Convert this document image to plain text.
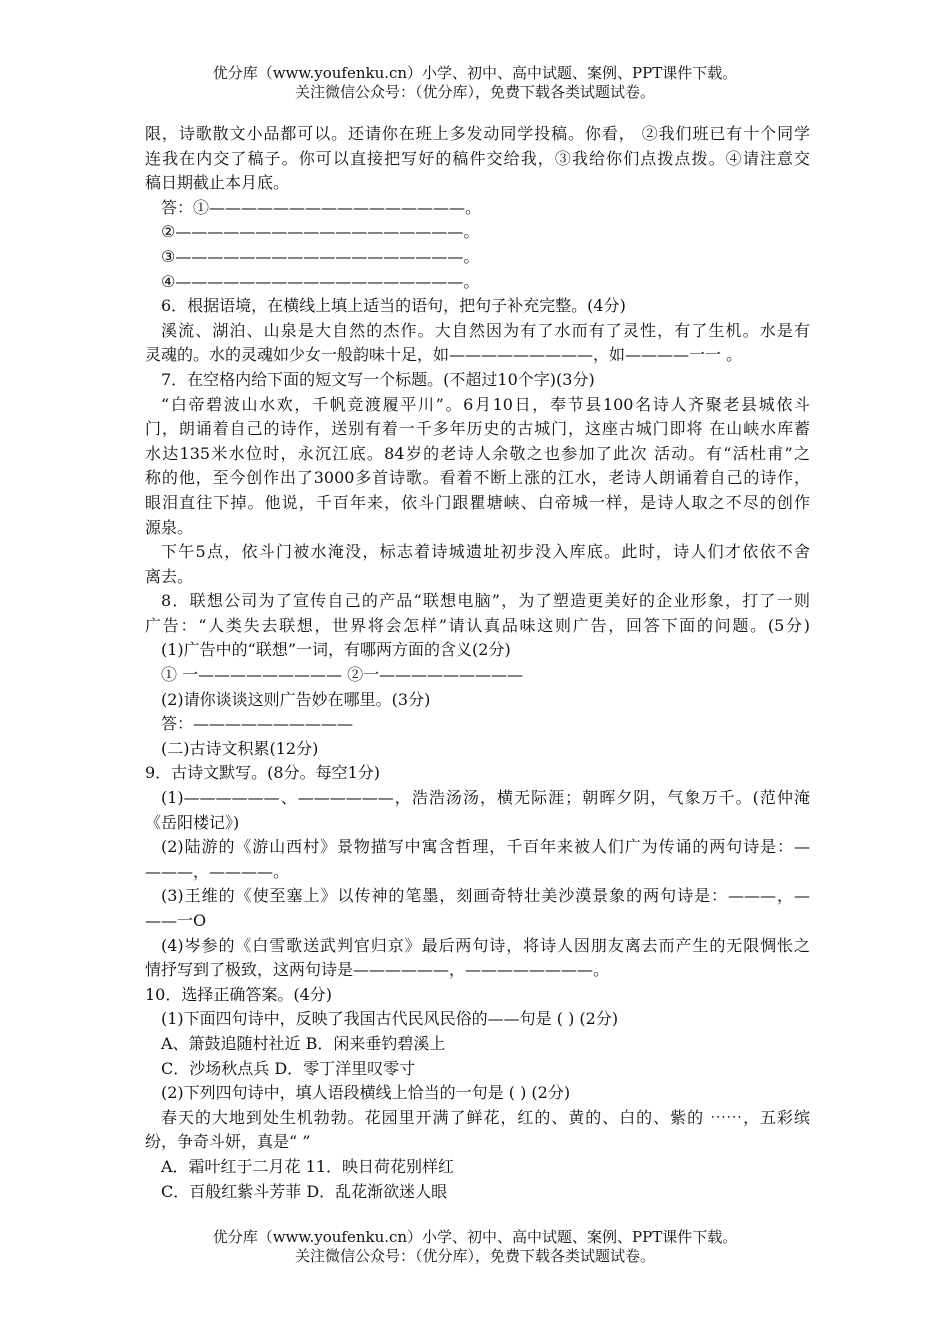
优分库（www.youfenku.cn）小学、初中、高中试题、案例、PPT课件下载。
关注微信公众号：（优分库），免费下载各类试题试卷。
限，诗歌散文小品都可以。还请你在班上多发动同学投稿。你看， ②我们班已有十个同学
连我在内交了稿子。你可以直接把写好的稿件交给我，③我给你们点拨点拨。④请注意交
稿日期截止本月底。
答：①————————————————。
②——————————————————。
③——————————————————。
④——————————————————。
6．根据语境，在横线上填上适当的语句，把句子补充完整。(4分)
溪流、湖泊、山泉是大自然的杰作。大自然因为有了水而有了灵性，有了生机。水是有
灵魂的。水的灵魂如少女一般韵味十足，如—————————，如————一一 。
7．在空格内给下面的短文写一个标题。(不超过10个字)(3分)
“白帝碧波山水欢，千帆竞渡履平川”。6月10日，奉节县100名诗人齐聚老县城依斗
门，朗诵着自己的诗作，送别有着一千多年历史的古城门，这座古城门即将 在山峡水库蓄
水达135米水位时，永沉江底。84岁的老诗人余敬之也参加了此次 活动。有“活杜甫”之
称的他，至今创作出了3000多首诗歌。看着不断上涨的江水，老诗人朗诵着自己的诗作，
眼泪直往下掉。他说，千百年来，依斗门跟瞿塘峡、白帝城一样，是诗人取之不尽的创作
源泉。
下午5点，依斗门被水淹没，标志着诗城遗址初步没入库底。此时，诗人们才依依不舍
离去。
8．联想公司为了宣传自己的产品“联想电脑”，为了塑造更美好的企业形象，打了一则
广告：“人类失去联想，世界将会怎样”请认真品味这则广告，回答下面的问题。(5分)
(1)广告中的“联想”一词，有哪两方面的含义(2分)
① 一————————— ②一—————————
(2)请你谈谈这则广告妙在哪里。(3分)
答：——————————
(二)古诗文积累(12分)
9．古诗文默写。(8分。每空1分)
(1)——————、——————，浩浩汤汤，横无际涯；朝晖夕阴，气象万千。(范仲淹
《岳阳楼记》)
(2)陆游的《游山西村》景物描写中寓含哲理，千百年来被人们广为传诵的两句诗是：—
———，————。
(3)王维的《使至塞上》以传神的笔墨，刻画奇特壮美沙漠景象的两句诗是：———，—
——一O
(4)岑参的《白雪歌送武判官归京》最后两句诗，将诗人因朋友离去而产生的无限惆怅之
情抒写到了极致，这两句诗是——————，————————。
10．选择正确答案。(4分)
(1)下面四句诗中，反映了我国古代民风民俗的——句是 ( ) (2分)
A、箫鼓追随村社近 B．闲来垂钓碧溪上
C．沙场秋点兵 D．零丁洋里叹零寸
(2)下列四句诗中，填人语段横线上恰当的一句是 ( ) (2分)
春天的大地到处生机勃勃。花园里开满了鲜花，红的、黄的、白的、紫的 ⋯⋯，五彩缤
纷，争奇斗妍，真是“ ”
A．霜叶红于二月花 11．映日荷花别样红
C．百般红紫斗芳菲 D．乱花渐欲迷人眼
优分库（www.youfenku.cn）小学、初中、高中试题、案例、PPT课件下载。
关注微信公众号：（优分库），免费下载各类试题试卷。
